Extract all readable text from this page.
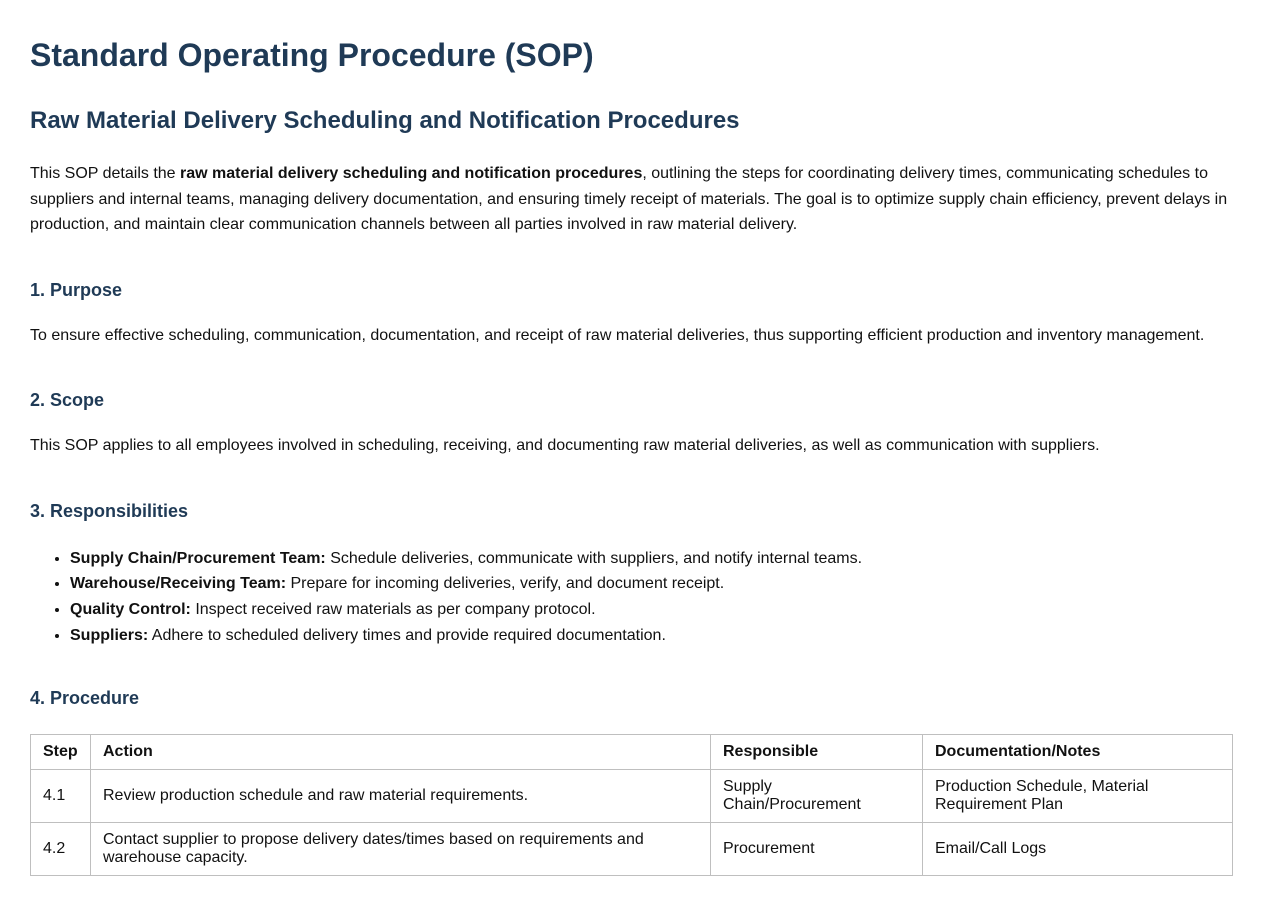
Standard Operating Procedure (SOP)
Raw Material Delivery Scheduling and Notification Procedures

This SOP details the raw material delivery scheduling and notification procedures, outlining the steps for coordinating delivery times, communicating schedules to suppliers and internal teams, managing delivery documentation, and ensuring timely receipt of materials. The goal is to optimize supply chain efficiency, prevent delays in production, and maintain clear communication channels between all parties involved in raw material delivery.

1. Purpose

To ensure effective scheduling, communication, documentation, and receipt of raw material deliveries, thus supporting efficient production and inventory management.

2. Scope

This SOP applies to all employees involved in scheduling, receiving, and documenting raw material deliveries, as well as communication with suppliers.

3. Responsibilities
• Supply Chain/Procurement Team: Schedule deliveries, communicate with suppliers, and notify internal teams.
• Warehouse/Receiving Team: Prepare for incoming deliveries, verify, and document receipt.
• Quality Control: Inspect received raw materials as per company protocol.
• Suppliers: Adhere to scheduled delivery times and provide required documentation.
4. Procedure
Step	Action	Responsible	Documentation/Notes
4.1	Review production schedule and raw material requirements.	Supply Chain/Procurement	Production Schedule, Material Requirement Plan
4.2	Contact supplier to propose delivery dates/times based on requirements and warehouse capacity.	Procurement	Email/Call Logs
